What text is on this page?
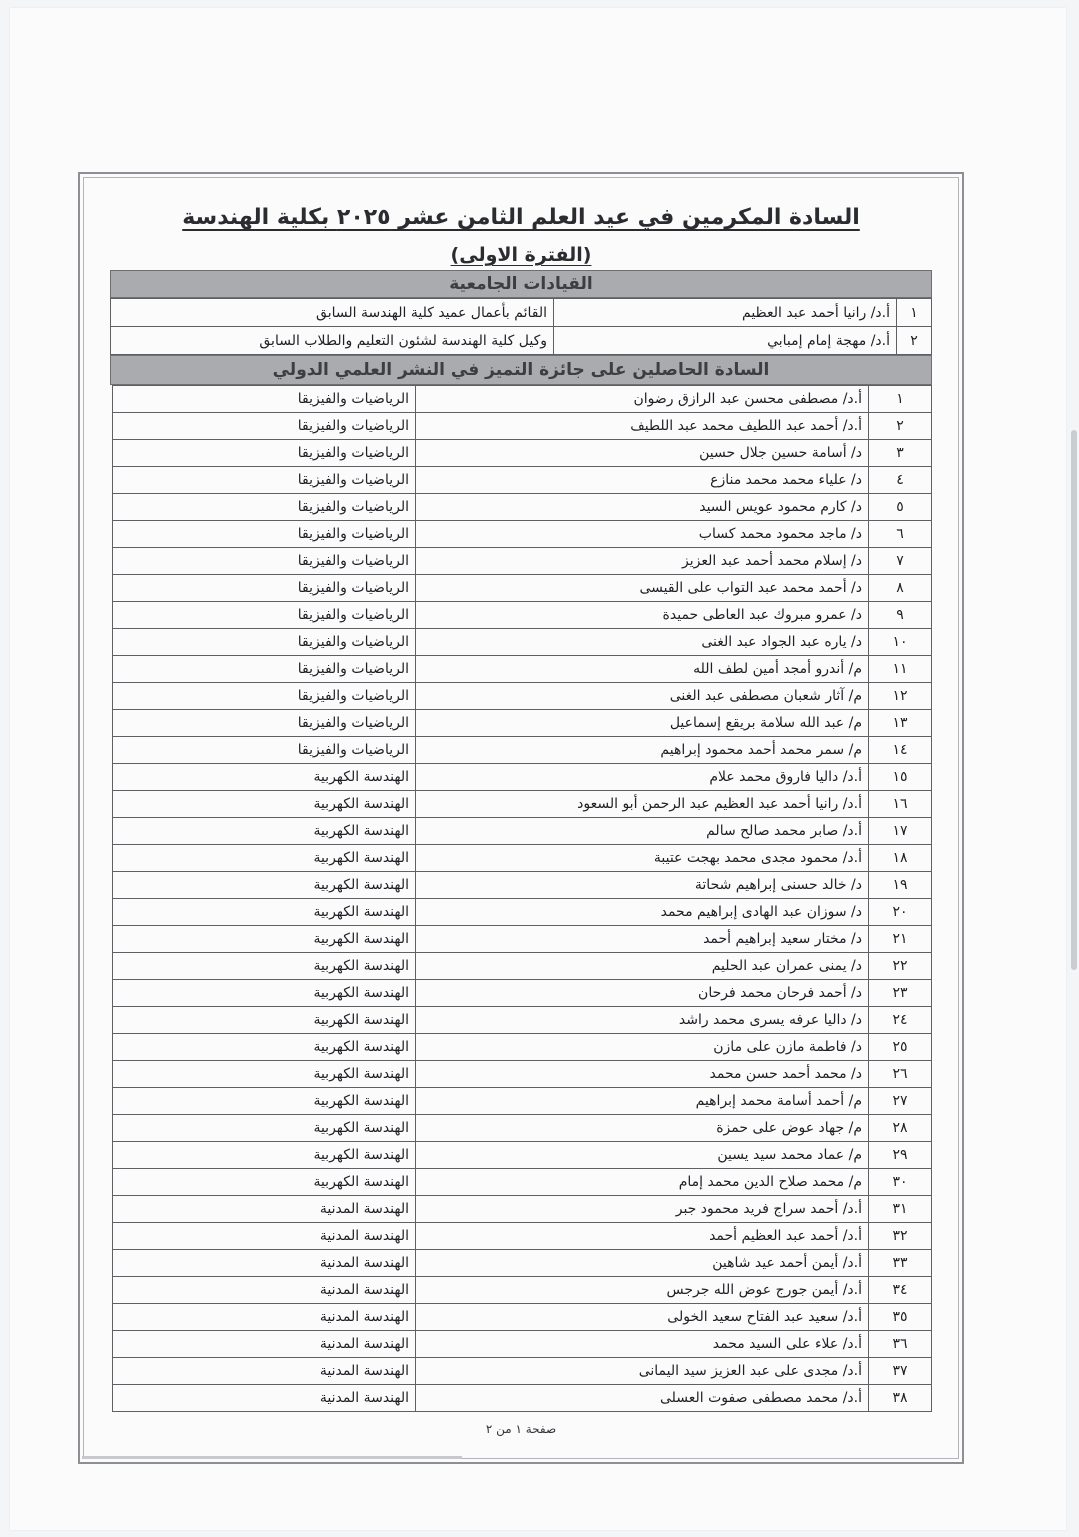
السادة المكرمين في عيد العلم الثامن عشر ٢٠٢٥ بكلية الهندسة
(الفترة الاولى)
القيادات الجامعية
١	أ.د/ رانيا أحمد عبد العظيم	القائم بأعمال عميد كلية الهندسة السابق
٢	أ.د/ مهجة إمام إمبابي	وكيل كلية الهندسة لشئون التعليم والطلاب السابق
السادة الحاصلين على جائزة التميز في النشر العلمي الدولي
١	أ.د/ مصطفى محسن عبد الرازق رضوان	الرياضيات والفيزيقا
٢	أ.د/ أحمد عبد اللطيف محمد عبد اللطيف	الرياضيات والفيزيقا
٣	د/ أسامة حسين جلال حسين	الرياضيات والفيزيقا
٤	د/ علياء محمد محمد منازع	الرياضيات والفيزيقا
٥	د/ كارم محمود عويس السيد	الرياضيات والفيزيقا
٦	د/ ماجد محمود محمد كساب	الرياضيات والفيزيقا
٧	د/ إسلام محمد أحمد عبد العزيز	الرياضيات والفيزيقا
٨	د/ أحمد محمد عبد التواب على القيسى	الرياضيات والفيزيقا
٩	د/ عمرو مبروك عبد العاطى حميدة	الرياضيات والفيزيقا
١٠	د/ ياره عبد الجواد عبد الغنى	الرياضيات والفيزيقا
١١	م/ أندرو أمجد أمين لطف الله	الرياضيات والفيزيقا
١٢	م/ آثار شعبان مصطفى عبد الغنى	الرياضيات والفيزيقا
١٣	م/ عبد الله سلامة بريقع إسماعيل	الرياضيات والفيزيقا
١٤	م/ سمر محمد أحمد محمود إبراهيم	الرياضيات والفيزيقا
١٥	أ.د/ داليا فاروق محمد علام	الهندسة الكهربية
١٦	أ.د/ رانيا أحمد عبد العظيم عبد الرحمن أبو السعود	الهندسة الكهربية
١٧	أ.د/ صابر محمد صالح سالم	الهندسة الكهربية
١٨	أ.د/ محمود مجدى محمد بهجت عتيبة	الهندسة الكهربية
١٩	د/ خالد حسنى إبراهيم شحاتة	الهندسة الكهربية
٢٠	د/ سوزان عبد الهادى إبراهيم محمد	الهندسة الكهربية
٢١	د/ مختار سعيد إبراهيم أحمد	الهندسة الكهربية
٢٢	د/ يمنى عمران عبد الحليم	الهندسة الكهربية
٢٣	د/ أحمد فرحان محمد فرحان	الهندسة الكهربية
٢٤	د/ داليا عرفه يسرى محمد راشد	الهندسة الكهربية
٢٥	د/ فاطمة مازن على مازن	الهندسة الكهربية
٢٦	د/ محمد أحمد حسن محمد	الهندسة الكهربية
٢٧	م/ أحمد أسامة محمد إبراهيم	الهندسة الكهربية
٢٨	م/ جهاد عوض على حمزة	الهندسة الكهربية
٢٩	م/ عماد محمد سيد يسين	الهندسة الكهربية
٣٠	م/ محمد صلاح الدين محمد إمام	الهندسة الكهربية
٣١	أ.د/ أحمد سراج فريد محمود جبر	الهندسة المدنية
٣٢	أ.د/ أحمد عبد العظيم أحمد	الهندسة المدنية
٣٣	أ.د/ أيمن أحمد عيد شاهين	الهندسة المدنية
٣٤	أ.د/ أيمن جورج عوض الله جرجس	الهندسة المدنية
٣٥	أ.د/ سعيد عبد الفتاح سعيد الخولى	الهندسة المدنية
٣٦	أ.د/ علاء على السيد محمد	الهندسة المدنية
٣٧	أ.د/ مجدى على عبد العزيز سيد اليمانى	الهندسة المدنية
٣٨	أ.د/ محمد مصطفى صفوت العسلى	الهندسة المدنية
صفحة ١ من ٢
